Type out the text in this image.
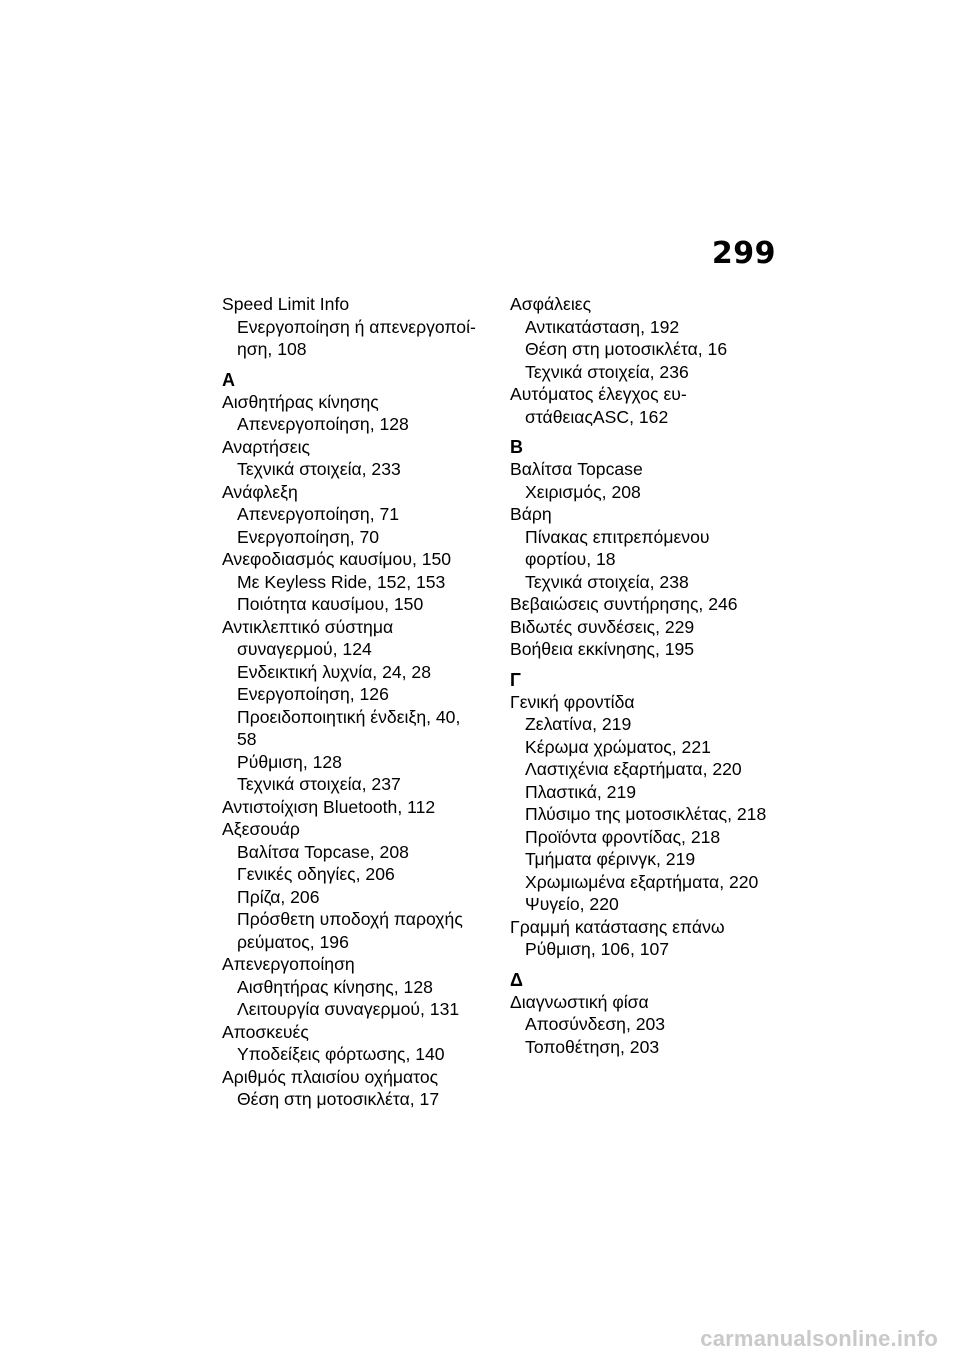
299
Speed Limit Info
Ενεργοποίηση ή απενεργοποί-
ηση, 108
Α
Αισθητήρας κίνησης
Απενεργοποίηση, 128
Αναρτήσεις
Τεχνικά στοιχεία, 233
Ανάφλεξη
Απενεργοποίηση, 71
Ενεργοποίηση, 70
Ανεφοδιασμός καυσίμου, 150
Με Keyless Ride, 152, 153
Ποιότητα καυσίμου, 150
Αντικλεπτικό σύστημα
συναγερμού, 124
Ενδεικτική λυχνία, 24, 28
Ενεργοποίηση, 126
Προειδοποιητική ένδειξη, 40,
58
Ρύθμιση, 128
Τεχνικά στοιχεία, 237
Αντιστοίχιση Bluetooth, 112
Αξεσουάρ
Βαλίτσα Topcase, 208
Γενικές οδηγίες, 206
Πρίζα, 206
Πρόσθετη υποδοχή παροχής
ρεύματος, 196
Απενεργοποίηση
Αισθητήρας κίνησης, 128
Λειτουργία συναγερμού, 131
Αποσκευές
Υποδείξεις φόρτωσης, 140
Αριθμός πλαισίου οχήματος
Θέση στη μοτοσικλέτα, 17
Ασφάλειες
Αντικατάσταση, 192
Θέση στη μοτοσικλέτα, 16
Τεχνικά στοιχεία, 236
Αυτόματος έλεγχος ευ-
στάθειαςASC, 162
Β
Βαλίτσα Topcase
Χειρισμός, 208
Βάρη
Πίνακας επιτρεπόμενου
φορτίου, 18
Τεχνικά στοιχεία, 238
Βεβαιώσεις συντήρησης, 246
Βιδωτές συνδέσεις, 229
Βοήθεια εκκίνησης, 195
Γ
Γενική φροντίδα
Ζελατίνα, 219
Κέρωμα χρώματος, 221
Λαστιχένια εξαρτήματα, 220
Πλαστικά, 219
Πλύσιμο της μοτοσικλέτας, 218
Προϊόντα φροντίδας, 218
Τμήματα φέρινγκ, 219
Χρωμιωμένα εξαρτήματα, 220
Ψυγείο, 220
Γραμμή κατάστασης επάνω
Ρύθμιση, 106, 107
Δ
Διαγνωστική φίσα
Αποσύνδεση, 203
Τοποθέτηση, 203
carmanualsonline.info
